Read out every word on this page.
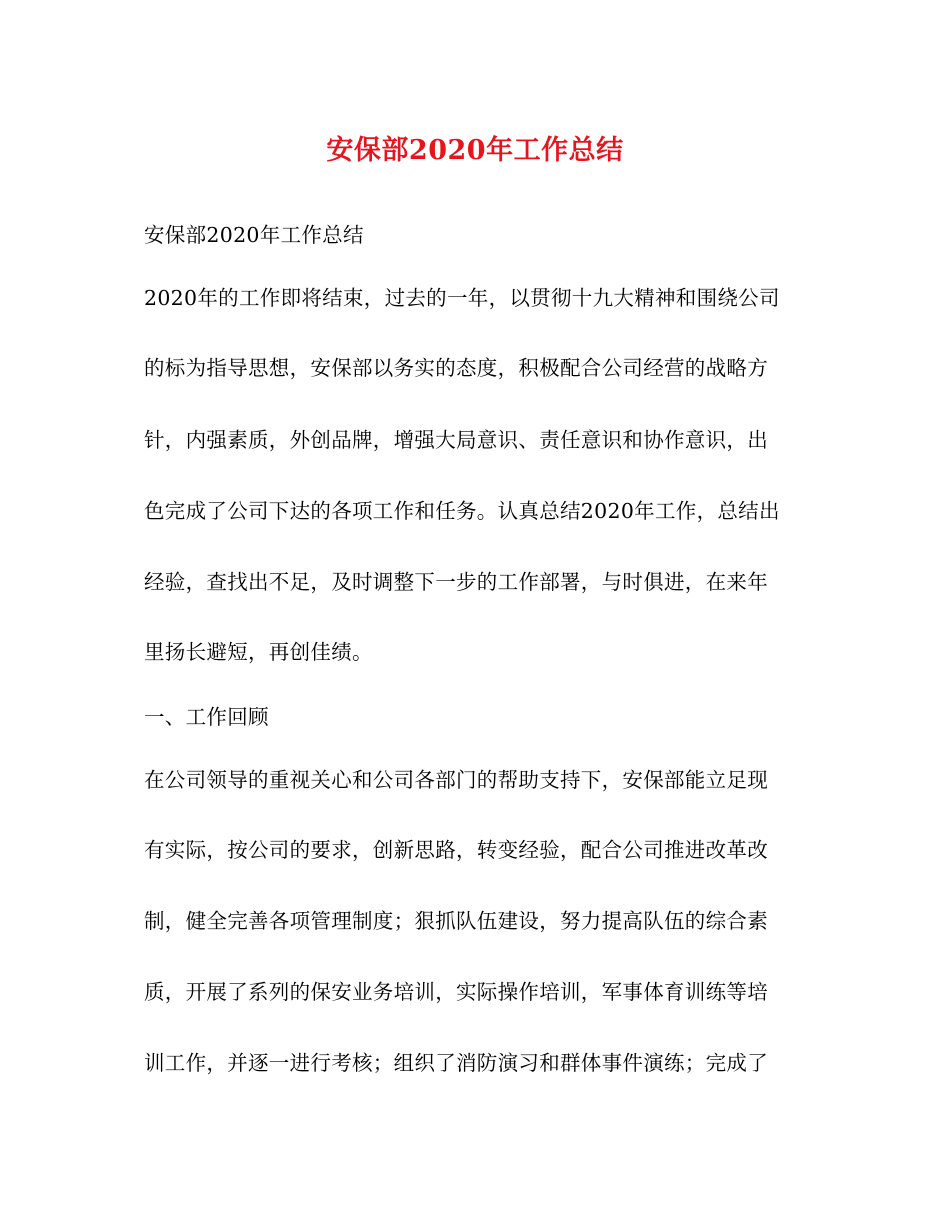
安保部2020年工作总结
安保部2020年工作总结
2020年的工作即将结束，过去的一年，以贯彻十九大精神和围绕公司
的标为指导思想，安保部以务实的态度，积极配合公司经营的战略方
针，内强素质，外创品牌，增强大局意识、责任意识和协作意识，出
色完成了公司下达的各项工作和任务。认真总结2020年工作，总结出
经验，查找出不足，及时调整下一步的工作部署，与时俱进，在来年
里扬长避短，再创佳绩。
一、工作回顾
在公司领导的重视关心和公司各部门的帮助支持下，安保部能立足现
有实际，按公司的要求，创新思路，转变经验，配合公司推进改革改
制，健全完善各项管理制度；狠抓队伍建设，努力提高队伍的综合素
质，开展了系列的保安业务培训，实际操作培训，军事体育训练等培
训工作，并逐一进行考核；组织了消防演习和群体事件演练；完成了
